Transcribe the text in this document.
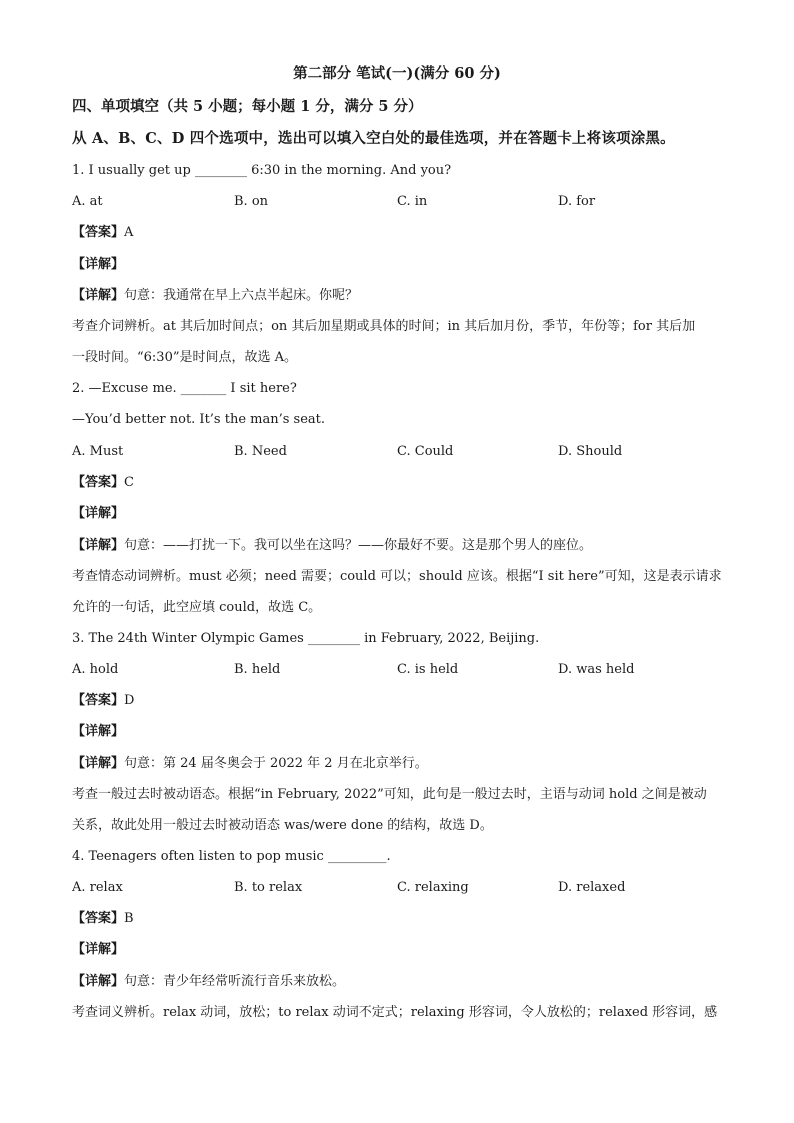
第二部分 笔试(一)(满分 60 分)
四、单项填空（共 5 小题；每小题 1 分，满分 5 分）
从 A、B、C、D 四个选项中，选出可以填入空白处的最佳选项，并在答题卡上将该项涂黑。
1. I usually get up ________ 6:30 in the morning. And you?
A. at	B. on	C. in	D. for
【答案】A
【详解】
【详解】句意：我通常在早上六点半起床。你呢？
考查介词辨析。at 其后加时间点；on 其后加星期或具体的时间；in 其后加月份，季节，年份等；for 其后加
一段时间。“6:30”是时间点，故选 A。
2. —Excuse me. _______ I sit here?
—You’d better not. It’s the man’s seat.
A. Must	B. Need	C. Could	D. Should
【答案】C
【详解】
【详解】句意：——打扰一下。我可以坐在这吗？——你最好不要。这是那个男人的座位。
考查情态动词辨析。must 必须；need 需要；could 可以；should 应该。根据“I sit here”可知，这是表示请求
允许的一句话，此空应填 could，故选 C。
3. The 24th Winter Olympic Games ________ in February, 2022, Beijing.
A. hold	B. held	C. is held	D. was held
【答案】D
【详解】
【详解】句意：第 24 届冬奥会于 2022 年 2 月在北京举行。
考查一般过去时被动语态。根据“in February, 2022”可知，此句是一般过去时，主语与动词 hold 之间是被动
关系，故此处用一般过去时被动语态 was/were done 的结构，故选 D。
4. Teenagers often listen to pop music _________.
A. relax	B. to relax	C. relaxing	D. relaxed
【答案】B
【详解】
【详解】句意：青少年经常听流行音乐来放松。
考查词义辨析。relax 动词，放松；to relax 动词不定式；relaxing 形容词，令人放松的；relaxed 形容词，感
